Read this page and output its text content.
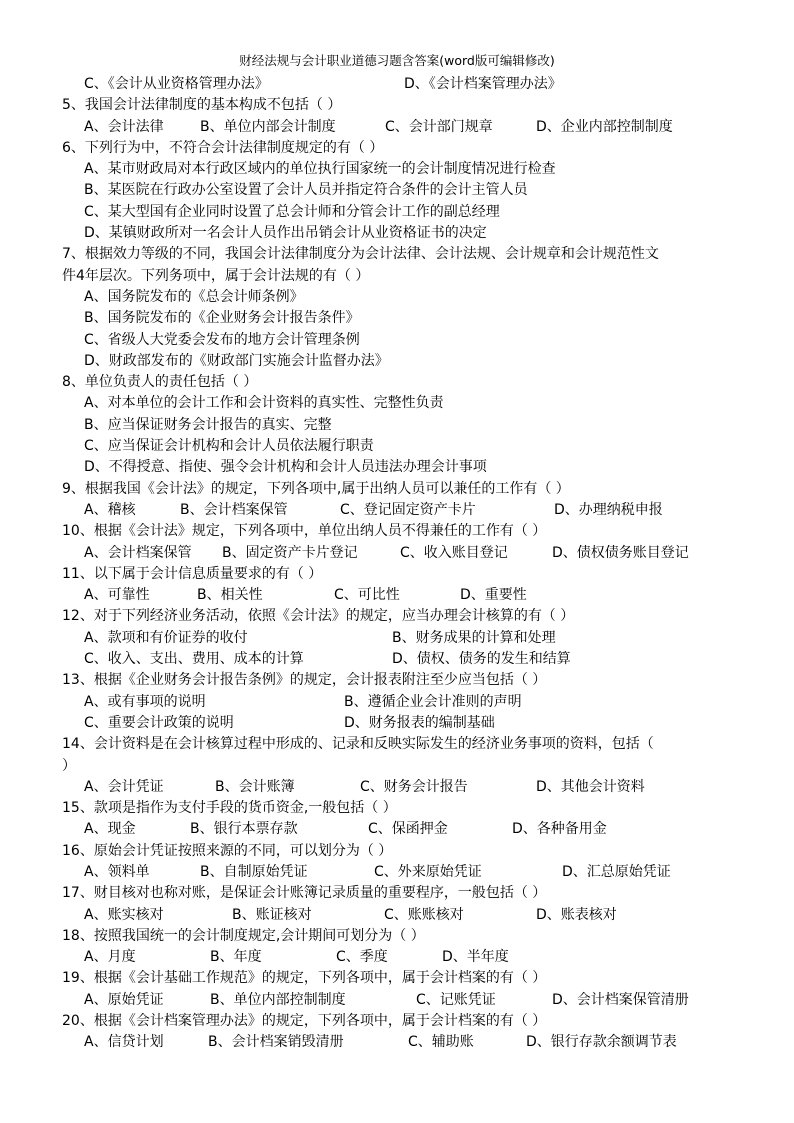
财经法规与会计职业道德习题含答案(word版可编辑修改)
C、《会计从业资格管理办法》	D、《会计档案管理办法》
5、我国会计法律制度的基本构成不包括（ ）
A、会计法律	B、单位内部会计制度	C、会计部门规章	D、企业内部控制制度
6、下列行为中，不符合会计法律制度规定的有（ ）
A、某市财政局对本行政区域内的单位执行国家统一的会计制度情况进行检查
B、某医院在行政办公室设置了会计人员并指定符合条件的会计主管人员
C、某大型国有企业同时设置了总会计师和分管会计工作的副总经理
D、某镇财政所对一名会计人员作出吊销会计从业资格证书的决定
7、根据效力等级的不同，我国会计法律制度分为会计法律、会计法规、会计规章和会计规范性文
件4年层次。下列务项中，属于会计法规的有（ ）
A、国务院发布的《总会计师条例》
B、国务院发布的《企业财务会计报告条件》
C、省级人大党委会发布的地方会计管理条例
D、财政部发布的《财政部门实施会计监督办法》
8、单位负责人的责任包括（ ）
A、对本单位的会计工作和会计资料的真实性、完整性负责
B、应当保证财务会计报告的真实、完整
C、应当保证会计机构和会计人员依法履行职责
D、不得授意、指使、强令会计机构和会计人员违法办理会计事项
9、根据我国《会计法》的规定，下列各项中,属于出纳人员可以兼任的工作有（ ）
A、稽核	B、会计档案保管	C、登记固定资产卡片	D、办理纳税申报
10、根据《会计法》规定，下列各项中，单位出纳人员不得兼任的工作有（ ）
A、会计档案保管 B、固定资产卡片登记	C、收入账目登记	D、债权债务账目登记
11、以下属于会计信息质量要求的有（ ）
A、可靠性	B、相关性	C、可比性	D、重要性
12、对于下列经济业务活动，依照《会计法》的规定，应当办理会计核算的有（ ）
A、款项和有价证券的收付	B、财务成果的计算和处理
C、收入、支出、费用、成本的计算	D、债权、债务的发生和结算
13、根据《企业财务会计报告条例》的规定，会计报表附注至少应当包括（ ）
A、或有事项的说明	B、遵循企业会计准则的声明
C、重要会计政策的说明	D、财务报表的编制基础
14、会计资料是在会计核算过程中形成的、记录和反映实际发生的经济业务事项的资料，包括（
）
A、会计凭证	B、会计账簿	C、财务会计报告	D、其他会计资料
15、款项是指作为支付手段的货币资金,一般包括（ ）
A、现金	B、银行本票存款	C、保函押金	D、各种备用金
16、原始会计凭证按照来源的不同，可以划分为（ ）
A、领料单	B、自制原始凭证	C、外来原始凭证	D、汇总原始凭证
17、财目核对也称对账，是保证会计账簿记录质量的重要程序，一般包括（ ）
A、账实核对	B、账证核对	C、账账核对	D、账表核对
18、按照我国统一的会计制度规定,会计期间可划分为（ ）
A、月度	B、年度	C、季度	D、半年度
19、根据《会计基础工作规范》的规定，下列各项中，属于会计档案的有（ ）
A、原始凭证	B、单位内部控制制度	C、记账凭证	D、会计档案保管清册
20、根据《会计档案管理办法》的规定，下列各项中，属于会计档案的有（ ）
A、信贷计划	B、会计档案销毁清册	C、辅助账	D、银行存款余额调节表
